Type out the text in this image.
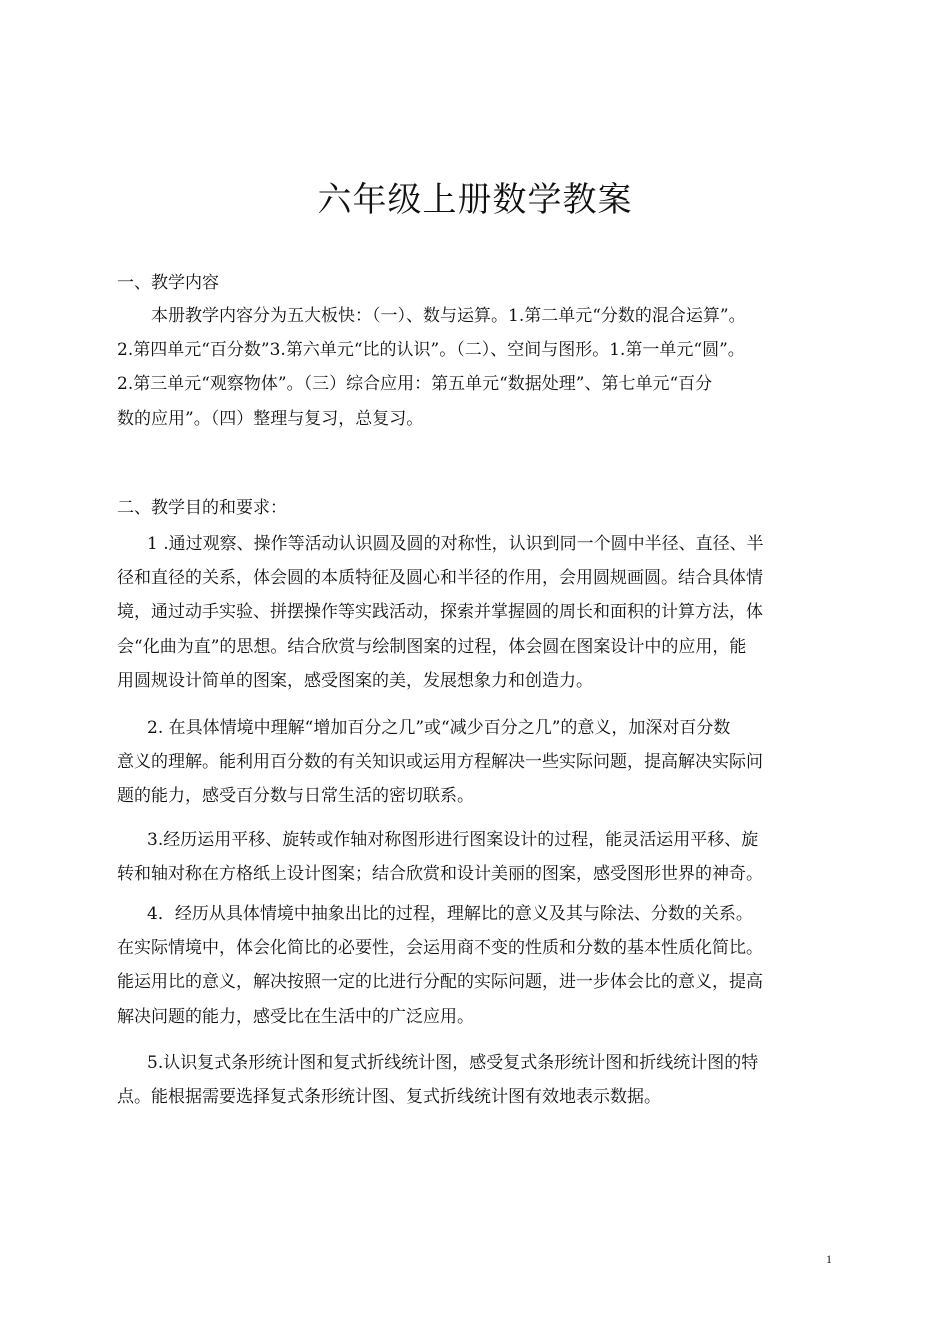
六年级上册数学教案
一、教学内容
本册教学内容分为五大板快：（一）、数与运算。1.第二单元“分数的混合运算”。
2.第四单元“百分数”3.第六单元“比的认识”。（二）、空间与图形。1.第一单元“圆”。
2.第三单元“观察物体”。（三）综合应用：第五单元“数据处理”、第七单元“百分
数的应用”。（四）整理与复习，总复习。
二、教学目的和要求：
1 .通过观察、操作等活动认识圆及圆的对称性，认识到同一个圆中半径、直径、半
径和直径的关系，体会圆的本质特征及圆心和半径的作用，会用圆规画圆。结合具体情
境，通过动手实验、拼摆操作等实践活动，探索并掌握圆的周长和面积的计算方法，体
会“化曲为直”的思想。结合欣赏与绘制图案的过程，体会圆在图案设计中的应用，能
用圆规设计简单的图案，感受图案的美，发展想象力和创造力。
2. 在具体情境中理解“增加百分之几”或“减少百分之几”的意义，加深对百分数
意义的理解。能利用百分数的有关知识或运用方程解决一些实际问题，提高解决实际问
题的能力，感受百分数与日常生活的密切联系。
3.经历运用平移、旋转或作轴对称图形进行图案设计的过程，能灵活运用平移、旋
转和轴对称在方格纸上设计图案；结合欣赏和设计美丽的图案，感受图形世界的神奇。
4．经历从具体情境中抽象出比的过程，理解比的意义及其与除法、分数的关系。
在实际情境中，体会化简比的必要性，会运用商不变的性质和分数的基本性质化简比。
能运用比的意义，解决按照一定的比进行分配的实际问题，进一步体会比的意义，提高
解决问题的能力，感受比在生活中的广泛应用。
5.认识复式条形统计图和复式折线统计图，感受复式条形统计图和折线统计图的特
点。能根据需要选择复式条形统计图、复式折线统计图有效地表示数据。
1
